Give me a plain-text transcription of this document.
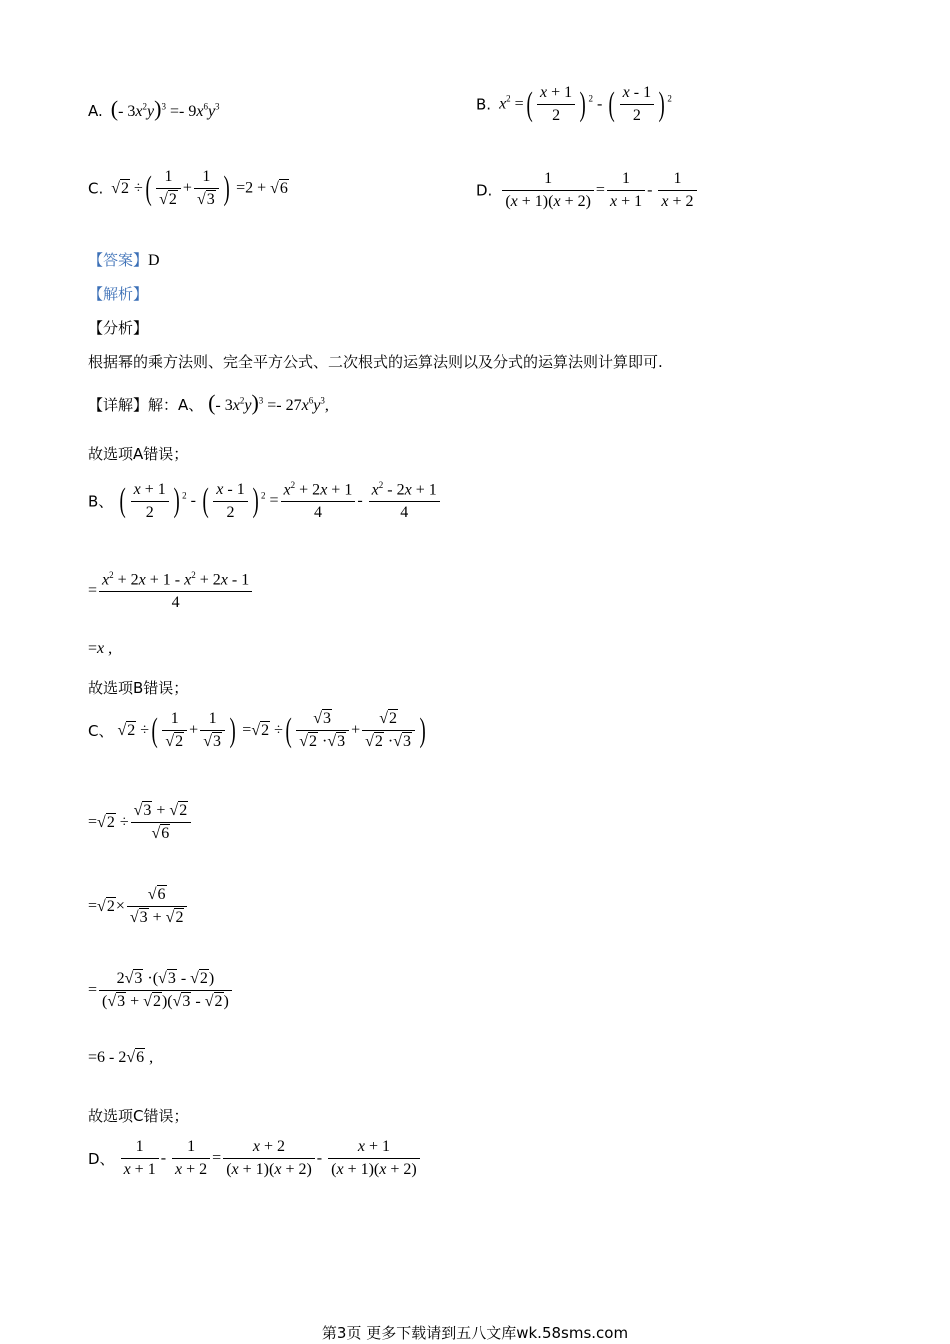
A. (- $3x^2y)^3 =- 9x^6y^3$	B. $x^2$ =( $\frac{x + 1}{2}$ ) $^2$ - ( $\frac{x - 1}{2}$ ) $^2$
C. √2 ÷( $\frac{1}{√2} + \frac{1}{√3}$ ) =2 + √6	D. $\frac{1}{(x + 1)(x + 2)} = \frac{1}{x + 1} - \frac{1}{x + 2}$
【答案】D
【解析】
【分析】
根据幂的乘方法则、完全平方公式、二次根式的运算法则以及分式的运算法则计算即可.
【详解】解：A、 (- $3x^2y)^3 =- 27x^6y^3$,
故选项A错误；
B、 ( $\frac{x + 1}{2}$ ) $^2$ - ( $\frac{x - 1}{2}$ ) $^2 = \frac{x^2 + 2x + 1}{4} - \frac{x^2 - 2x + 1}{4}$
= $\frac{x^2 + 2x + 1 - x^2 + 2x - 1}{4}$
=x ,
故选项B错误；
C、 √2 ÷( $\frac{1}{√2} + \frac{1}{√3}$ ) =√2 ÷( $\frac{√3}{√2 \cdot√3} + \frac{√2}{√2 \cdot√3}$ )
$=√2 \div \frac{√3 + √2}{√6}$
$=√2\times \frac{√6}{√3 + √2}$
= $\frac{2√3 \cdot(√3 - √2)}{(√3 + √2)(√3 - √2)}$
=6 - 2√6 ,
故选项C错误；
D、 $\frac{1}{x + 1} - \frac{1}{x + 2} = \frac{x + 2}{(x + 1)(x + 2)} - \frac{x + 1}{(x + 1)(x + 2)}$
第3页 更多下载请到五八文库wk.58sms.com
